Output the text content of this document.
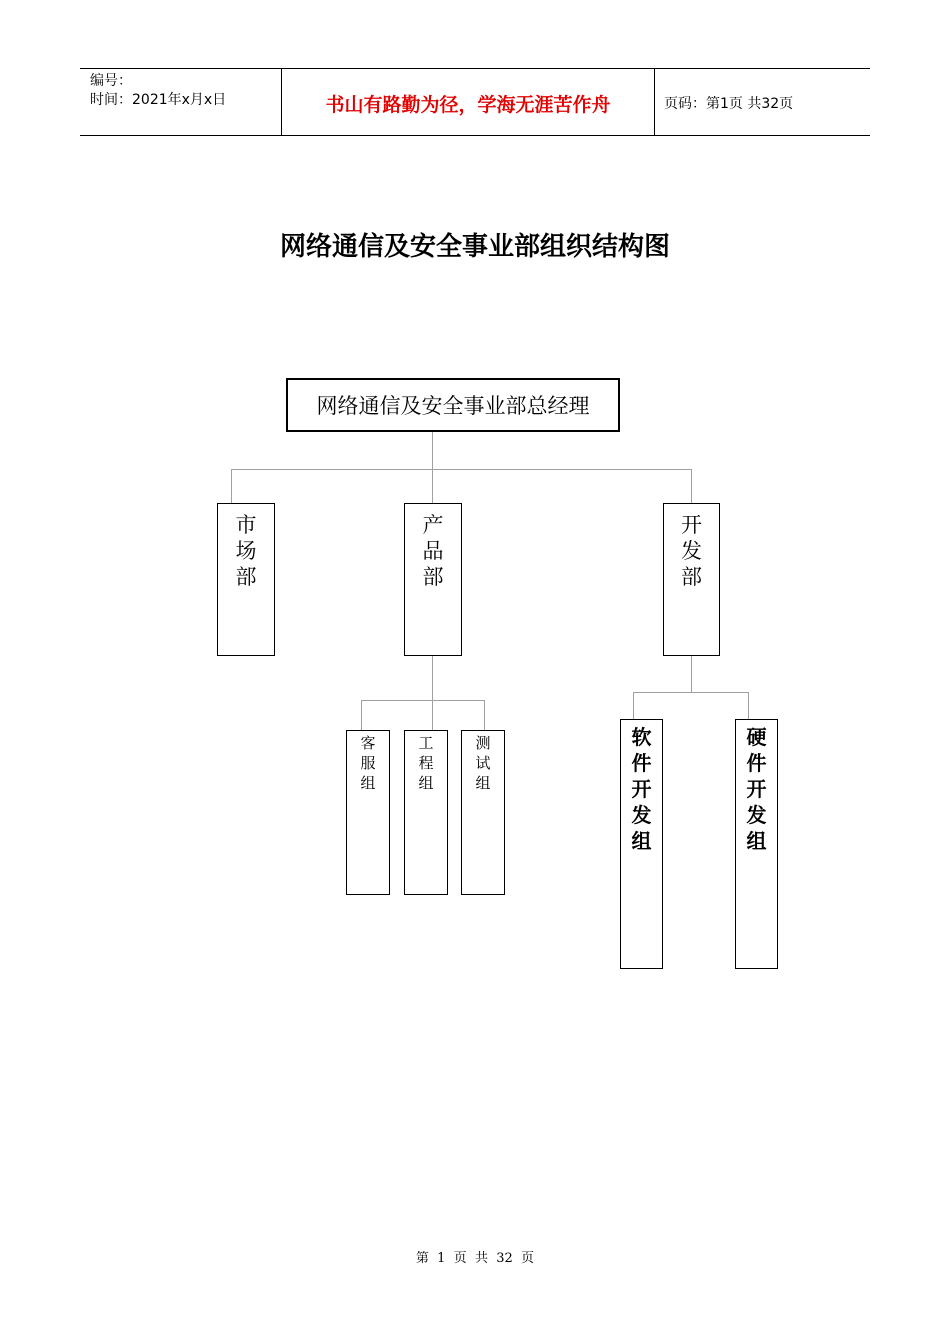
编号：
时间：2021年x月x日	书山有路勤为径，学海无涯苦作舟	页码：第1页 共32页
网络通信及安全事业部组织结构图
网络通信及安全事业部总经理
市场部
产品部
开发部
客服组
工程组
测试组
软件开发组
硬件开发组
第  1  页  共  32  页
